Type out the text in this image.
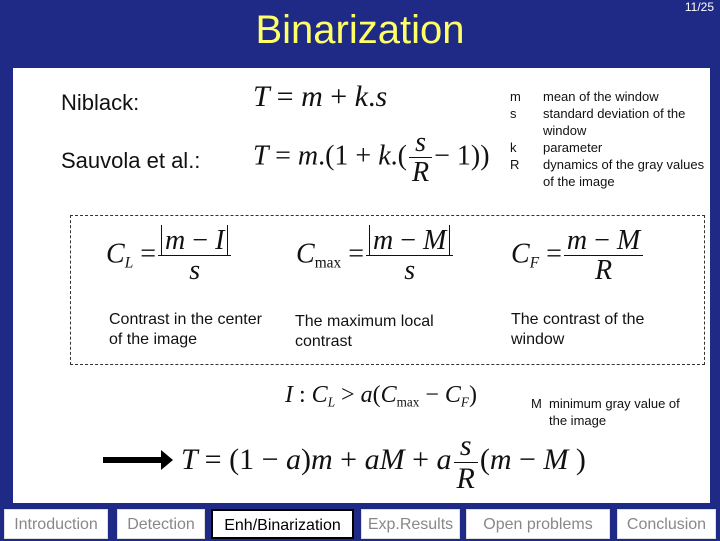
Binarization
11/25
Niblack:	T = m + k.s
Sauvola et al.: $T = m.(1 + k.( \frac{s}{R} - 1))$
m mean of the window
s standard deviation of the window
k parameter
R dynamics of the gray values of the image
$C_L = \frac{m - I}{s} C_{max} = \frac{m - M}{s} C_F = \frac{m - M}{R}$
Contrast in the center of the image
The maximum local contrast
The contrast of the window
I : $C_L > a(C_{max} - C_F)$	M minimum gray value of the image
T = (1 − a)m + aM + a $\frac{s}{R} (m - M$ )
Introduction	Detection	Enh/Binarization	Exp.Results	Open problems	Conclusion
